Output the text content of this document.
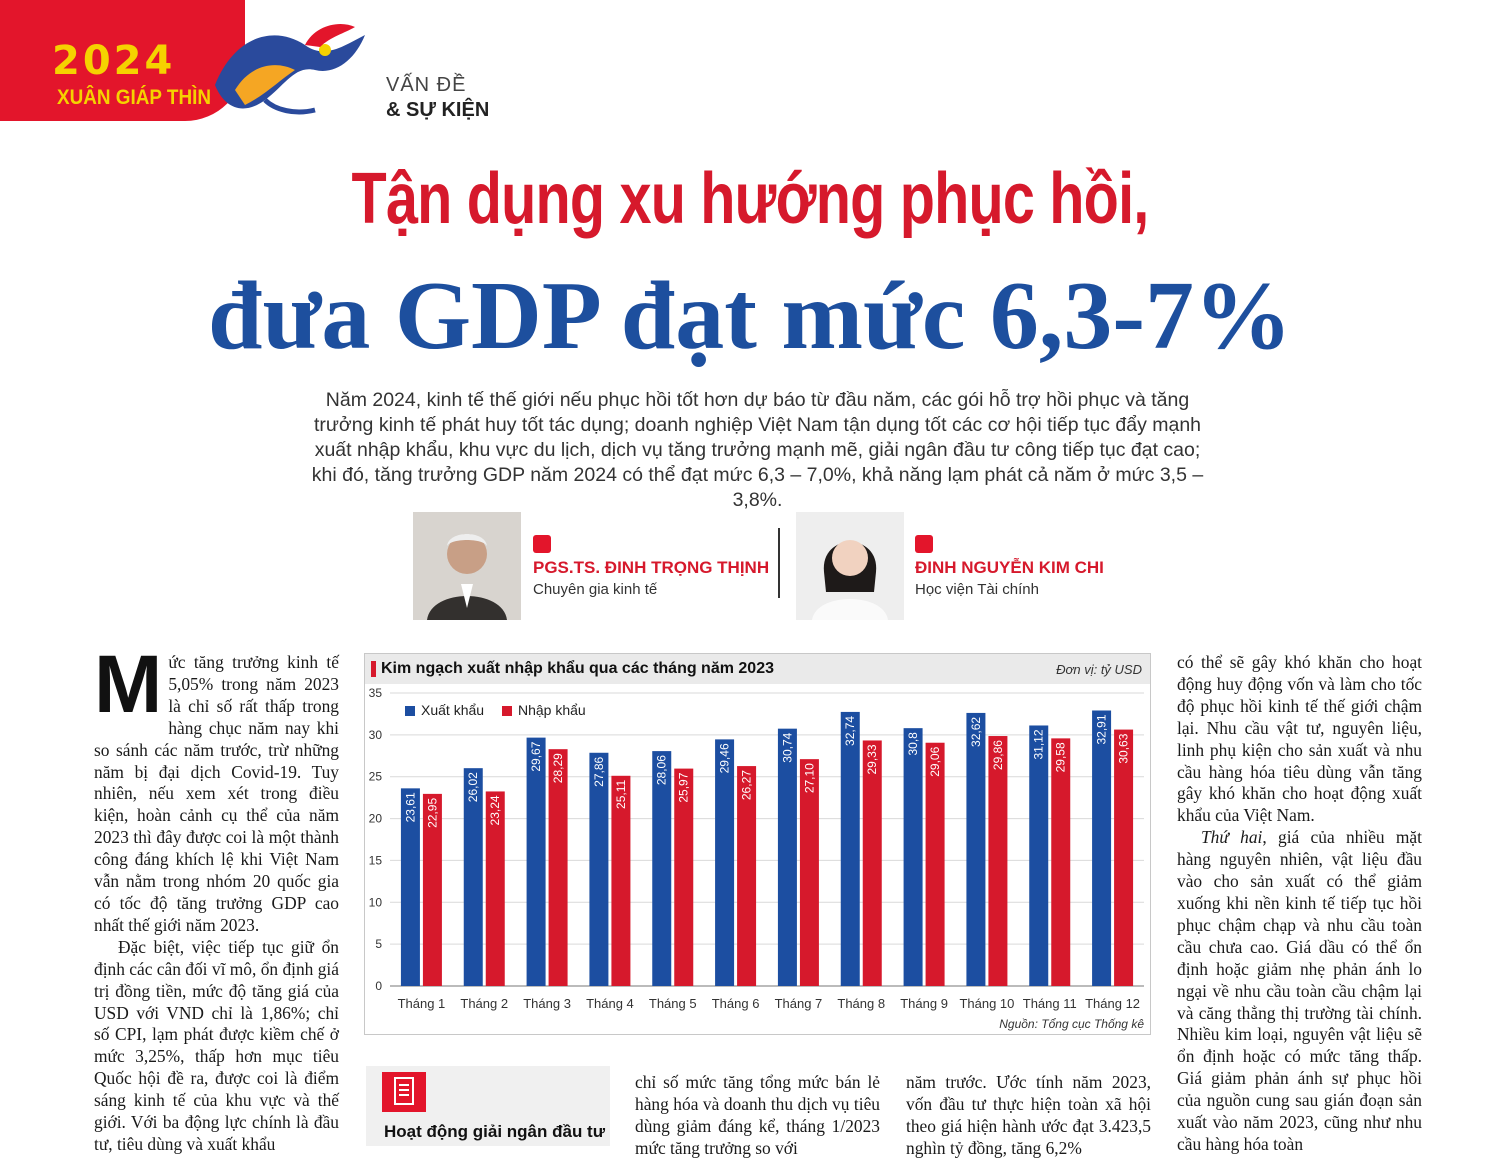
2024
XUÂN GIÁP THÌN
VẤN ĐỀ
& SỰ KIỆN
Tận dụng xu hướng phục hồi,
đưa GDP đạt mức 6,3-7%

Năm 2024, kinh tế thế giới nếu phục hồi tốt hơn dự báo từ đầu năm, các gói hỗ trợ hồi phục và tăng trưởng kinh tế phát huy tốt tác dụng; doanh nghiệp Việt Nam tận dụng tốt các cơ hội tiếp tục đẩy mạnh xuất nhập khẩu, khu vực du lịch, dịch vụ tăng trưởng mạnh mẽ, giải ngân đầu tư công tiếp tục đạt cao; khi đó, tăng trưởng GDP năm 2024 có thể đạt mức 6,3 – 7,0%, khả năng lạm phát cả năm ở mức 3,5 – 3,8%.

PGS.TS. ĐINH TRỌNG THỊNH
Chuyên gia kinh tế
ĐINH NGUYỄN KIM CHI
Học viện Tài chính
M ức tăng trưởng kinh tế 5,05% trong năm 2023 là chỉ số rất thấp trong hàng chục năm nay khi so sánh các năm trước, trừ những năm bị đại dịch Covid-19. Tuy nhiên, nếu xem xét trong điều kiện, hoàn cảnh cụ thể của năm 2023 thì đây được coi là một thành công đáng khích lệ khi Việt Nam vẫn nằm trong nhóm 20 quốc gia có tốc độ tăng trưởng GDP cao nhất thế giới năm 2023.

Đặc biệt, việc tiếp tục giữ ổn định các cân đối vĩ mô, ổn định giá trị đồng tiền, mức độ tăng giá của USD với VND chỉ là 1,86%; chỉ số CPI, lạm phát được kiềm chế ở mức 3,25%, thấp hơn mục tiêu Quốc hội đề ra, được coi là điểm sáng kinh tế của khu vực và thế giới. Với ba động lực chính là đầu tư, tiêu dùng và xuất khẩu

Kim ngạch xuất nhập khẩu qua các tháng năm 2023	Đơn vị: tỷ USD
0
5
10
15
20
25
30
35
23,61 22,95
Tháng 1
26,02
23,24
Tháng 2
29,67 28,29
Tháng 3
27,86
25,11
Tháng 4
28,06
25,97
Tháng 5
29,46
26,27
Tháng 6
30,74
27,10
Tháng 7
32,74
29,33
Tháng 8
30,8
29,06
Tháng 9
32,62
29,86
Tháng 10
31,12 29,58
Tháng 11
32,91
30,63
Tháng 12
Xuất khẩu Nhập khẩu
Nguồn: Tổng cục Thống kê
Hoạt động giải ngân đầu tư

chỉ số mức tăng tổng mức bán lẻ hàng hóa và doanh thu dịch vụ tiêu dùng giảm đáng kể, tháng 1/2023 mức tăng trưởng so với

năm trước. Ước tính năm 2023, vốn đầu tư thực hiện toàn xã hội theo giá hiện hành ước đạt 3.423,5 nghìn tỷ đồng, tăng 6,2%

có thể sẽ gây khó khăn cho hoạt động huy động vốn và làm cho tốc độ phục hồi kinh tế thế giới chậm lại. Nhu cầu vật tư, nguyên liệu, linh phụ kiện cho sản xuất và nhu cầu hàng hóa tiêu dùng vẫn tăng gây khó khăn cho hoạt động xuất khẩu của Việt Nam.

Thứ hai, giá của nhiều mặt hàng nguyên nhiên, vật liệu đầu vào cho sản xuất có thể giảm xuống khi nền kinh tế tiếp tục hồi phục chậm chạp và nhu cầu toàn cầu chưa cao. Giá dầu có thể ổn định hoặc giảm nhẹ phản ánh lo ngại về nhu cầu toàn cầu chậm lại và căng thẳng thị trường tài chính. Nhiều kim loại, nguyên vật liệu sẽ ổn định hoặc có mức tăng thấp. Giá giảm phản ánh sự phục hồi của nguồn cung sau gián đoạn sản xuất vào năm 2023, cũng như nhu cầu hàng hóa toàn
